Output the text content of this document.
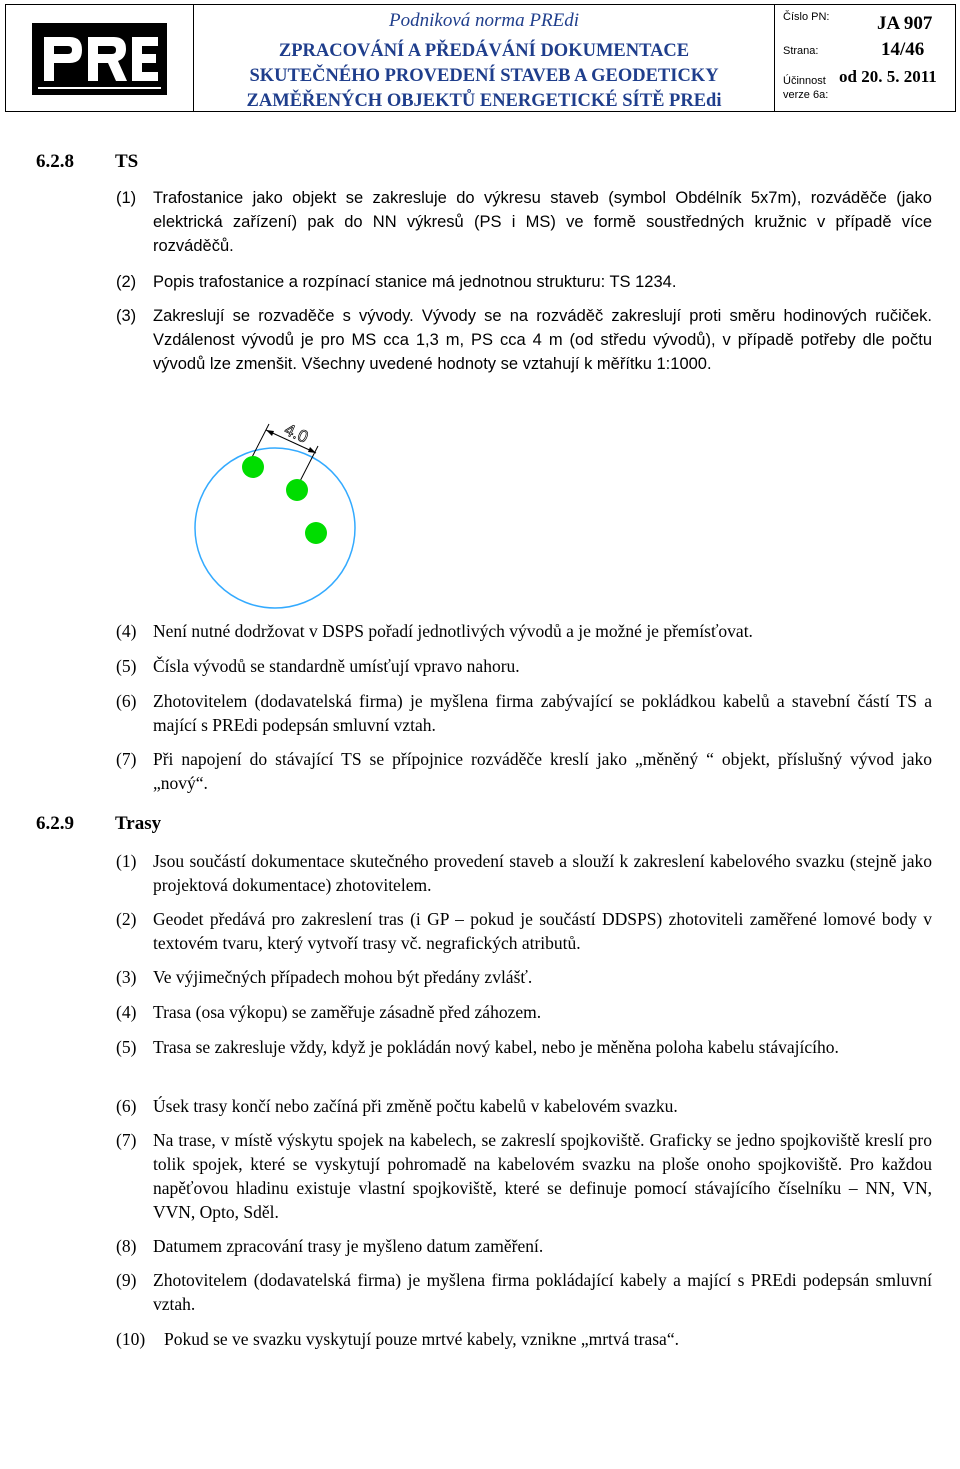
Podniková norma PREdi
ZPRACOVÁNÍ A PŘEDÁVÁNÍ DOKUMENTACE
SKUTEČNÉHO PROVEDENÍ STAVEB A GEODETICKY
ZAMĚŘENÝCH OBJEKTŮ ENERGETICKÉ SÍTĚ PREdi
Číslo PN:	JA 907
Strana:	14/46
Účinnost od 20. 5. 2011
verze 6a:
6.2.8 TS
(1) Trafostanice jako objekt se zakresluje do výkresu staveb (symbol Obdélník 5x7m), rozváděče (jako elektrická zařízení) pak do NN výkresů (PS i MS) ve formě soustředných kružnic v případě více rozváděčů.
(2) Popis trafostanice a rozpínací stanice má jednotnou strukturu: TS 1234.
(3) Zakreslují se rozvaděče s vývody. Vývody se na rozváděč zakreslují proti směru hodinových ručiček. Vzdálenost vývodů je pro MS cca 1,3 m, PS cca 4 m (od středu vývodů), v případě potřeby dle počtu vývodů lze zmenšit. Všechny uvedené hodnoty se vztahují k měřítku 1:1000.
4.0
(4) Není nutné dodržovat v DSPS pořadí jednotlivých vývodů a je možné je přemísťovat.
(5) Čísla vývodů se standardně umísťují vpravo nahoru.
(6) Zhotovitelem (dodavatelská firma) je myšlena firma zabývající se pokládkou kabelů a stavební částí TS a mající s PREdi podepsán smluvní vztah.
(7) Při napojení do stávající TS se přípojnice rozváděče kreslí jako „měněný “ objekt, příslušný vývod jako „nový“.
6.2.9 Trasy
(1) Jsou součástí dokumentace skutečného provedení staveb a slouží k zakreslení kabelového svazku (stejně jako projektová dokumentace) zhotovitelem.
(2) Geodet předává pro zakreslení tras (i GP – pokud je součástí DDSPS) zhotoviteli zaměřené lomové body v textovém tvaru, který vytvoří trasy vč. negrafických atributů.
(3) Ve výjimečných případech mohou být předány zvlášť.
(4) Trasa (osa výkopu) se zaměřuje zásadně před záhozem.
(5) Trasa se zakresluje vždy, když je pokládán nový kabel, nebo je měněna poloha kabelu stávajícího.
(6) Úsek trasy končí nebo začíná při změně počtu kabelů v kabelovém svazku.
(7) Na trase, v místě výskytu spojek na kabelech, se zakreslí spojkoviště. Graficky se jedno spojkoviště kreslí pro tolik spojek, které se vyskytují pohromadě na kabelovém svazku na ploše onoho spojkoviště. Pro každou napěťovou hladinu existuje vlastní spojkoviště, které se definuje pomocí stávajícího číselníku – NN, VN, VVN, Opto, Sděl.
(8) Datumem zpracování trasy je myšleno datum zaměření.
(9) Zhotovitelem (dodavatelská firma) je myšlena firma pokládající kabely a mající s PREdi podepsán smluvní vztah.
(10) Pokud se ve svazku vyskytují pouze mrtvé kabely, vznikne „mrtvá trasa“.
